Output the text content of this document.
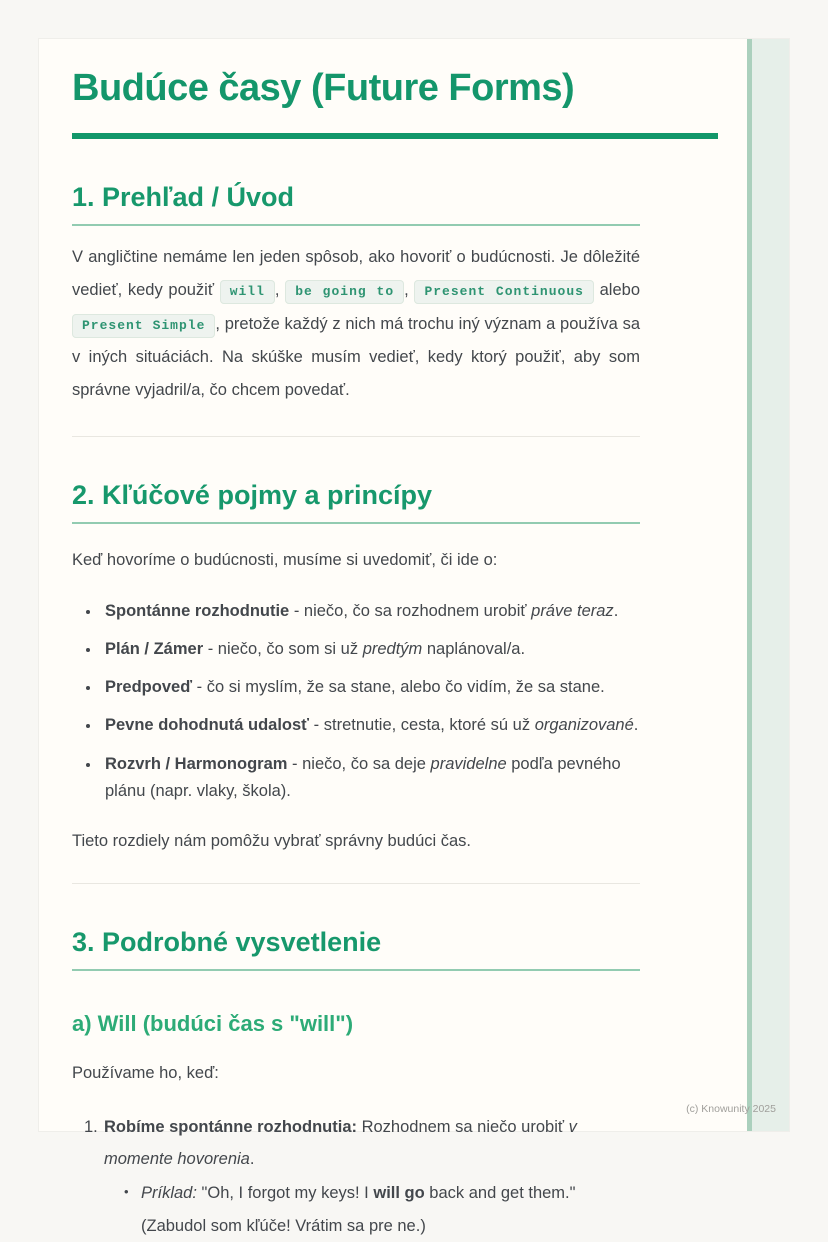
Budúce časy (Future Forms)
1. Prehľad / Úvod

V angličtine nemáme len jeden spôsob, ako hovoriť o budúcnosti. Je dôležité vedieť, kedy použiť will , be going to , Present Continuous alebo Present Simple , pretože každý z nich má trochu iný význam a používa sa v iných situáciách. Na skúške musím vedieť, kedy ktorý použiť, aby som správne vyjadril/a, čo chcem povedať.

2. Kľúčové pojmy a princípy

Keď hovoríme o budúcnosti, musíme si uvedomiť, či ide o:

• Spontánne rozhodnutie - niečo, čo sa rozhodnem urobiť práve teraz.
• Plán / Zámer - niečo, čo som si už predtým naplánoval/a.
• Predpoveď - čo si myslím, že sa stane, alebo čo vidím, že sa stane.
• Pevne dohodnutá udalosť - stretnutie, cesta, ktoré sú už organizované.
• Rozvrh / Harmonogram - niečo, čo sa deje pravidelne podľa pevného plánu (napr. vlaky, škola).

Tieto rozdiely nám pomôžu vybrať správny budúci čas.

3. Podrobné vysvetlenie
a) Will (budúci čas s "will")

Používame ho, keď:

1. Robíme spontánne rozhodnutia: Rozhodnem sa niečo urobiť v momente hovorenia.
•
Príklad: "Oh, I forgot my keys! I will go back and get them." (Zabudol som kľúče! Vrátim sa pre ne.)
(c) Knowunity 2025
